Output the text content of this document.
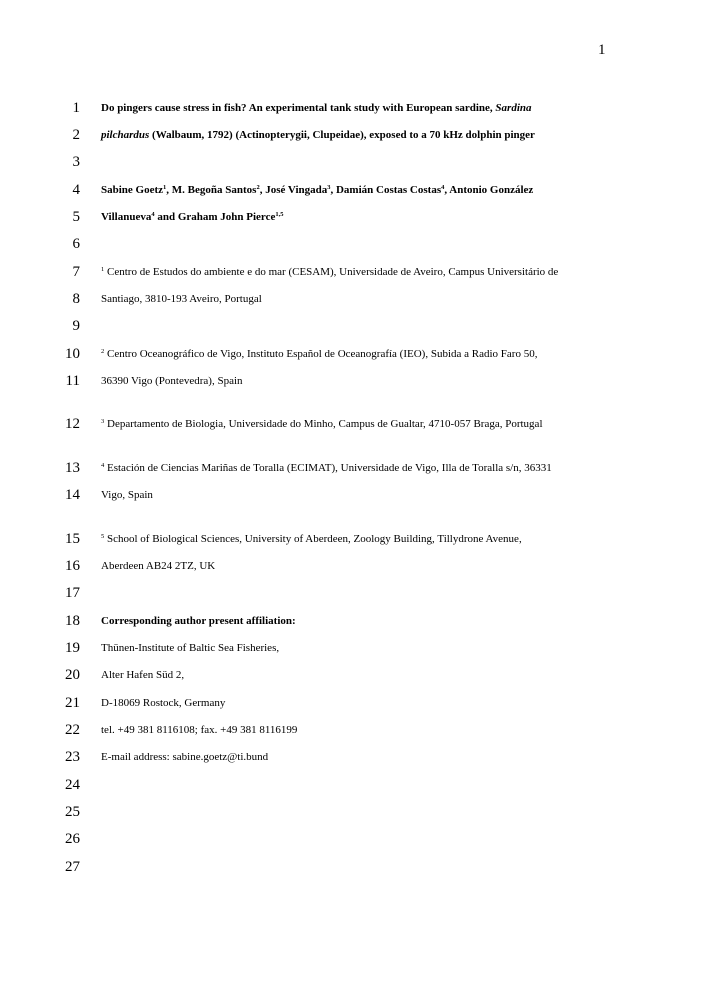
1
1
2
3
4
5
6
7
8
9
10
11
12
13
14
15
16
17
18
19
20
21
22
23
24
25
26
27
Do pingers cause stress in fish? An experimental tank study with European sardine, Sardina
pilchardus (Walbaum, 1792) (Actinopterygii, Clupeidae), exposed to a 70 kHz dolphin pinger
Sabine Goetz$^1$, M. Begoña Santos$^2$, José Vingada$^3$, Damián Costas Costas$^4$, Antonio González
Villanueva$^4$ and Graham John Pierce$^{1,5}$
$^1$ Centro de Estudos do ambiente e do mar (CESAM), Universidade de Aveiro, Campus Universitário de
Santiago, 3810-193 Aveiro, Portugal
$^2$ Centro Oceanográfico de Vigo, Instituto Español de Oceanografía (IEO), Subida a Radio Faro 50,
36390 Vigo (Pontevedra), Spain
$^3$ Departamento de Biologia, Universidade do Minho, Campus de Gualtar, 4710-057 Braga, Portugal
$^4$ Estación de Ciencias Mariñas de Toralla (ECIMAT), Universidade de Vigo, Illa de Toralla s/n, 36331
Vigo, Spain
$^5$ School of Biological Sciences, University of Aberdeen, Zoology Building, Tillydrone Avenue,
Aberdeen AB24 2TZ, UK
Corresponding author present affiliation:
Thünen-Institute of Baltic Sea Fisheries,
Alter Hafen Süd 2,
D-18069 Rostock, Germany
tel. +49 381 8116108; fax. +49 381 8116199
E-mail address: sabine.goetz@ti.bund
